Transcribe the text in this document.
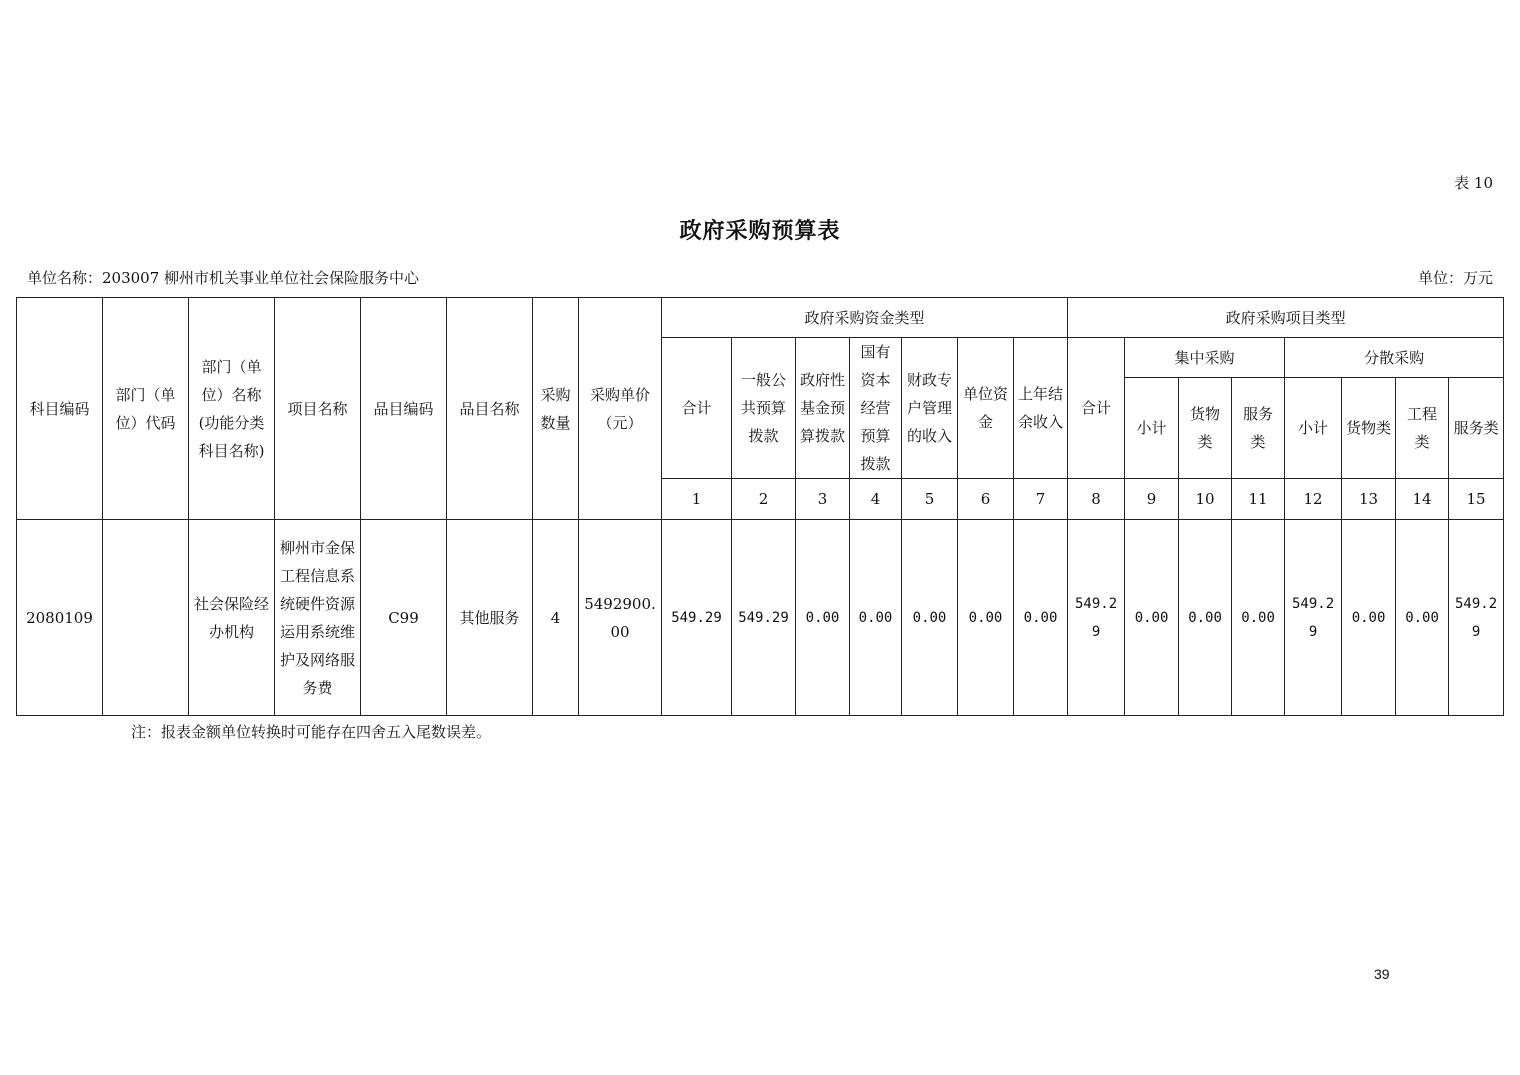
表 10
政府采购预算表
单位名称：203007 柳州市机关事业单位社会保险服务中心	单位：万元
科目编码	部门（单位）代码	部门（单位）名称(功能分类科目名称)	项目名称	品目编码	品目名称	采购数量	采购单价（元）	政府采购资金类型							政府采购项目类型							
								合计	一般公共预算拨款	政府性基金预算拨款	国有资本经营预算拨款	财政专户管理的收入	单位资金	上年结余收入	合计	集中采购			分散采购			
																小计	货物类	服务类	小计	货物类	工程类	服务类
								1	2	3	4	5	6	7	8	9	10	11	12	13	14	15
2080109		社会保险经办机构	柳州市金保工程信息系统硬件资源运用系统维护及网络服务费	C99	其他服务	4	5492900.00	549.29	549.29	0.00	0.00	0.00	0.00	0.00	549.29	0.00	0.00	0.00	549.29	0.00	0.00	549.29
注：报表金额单位转换时可能存在四舍五入尾数误差。
39
